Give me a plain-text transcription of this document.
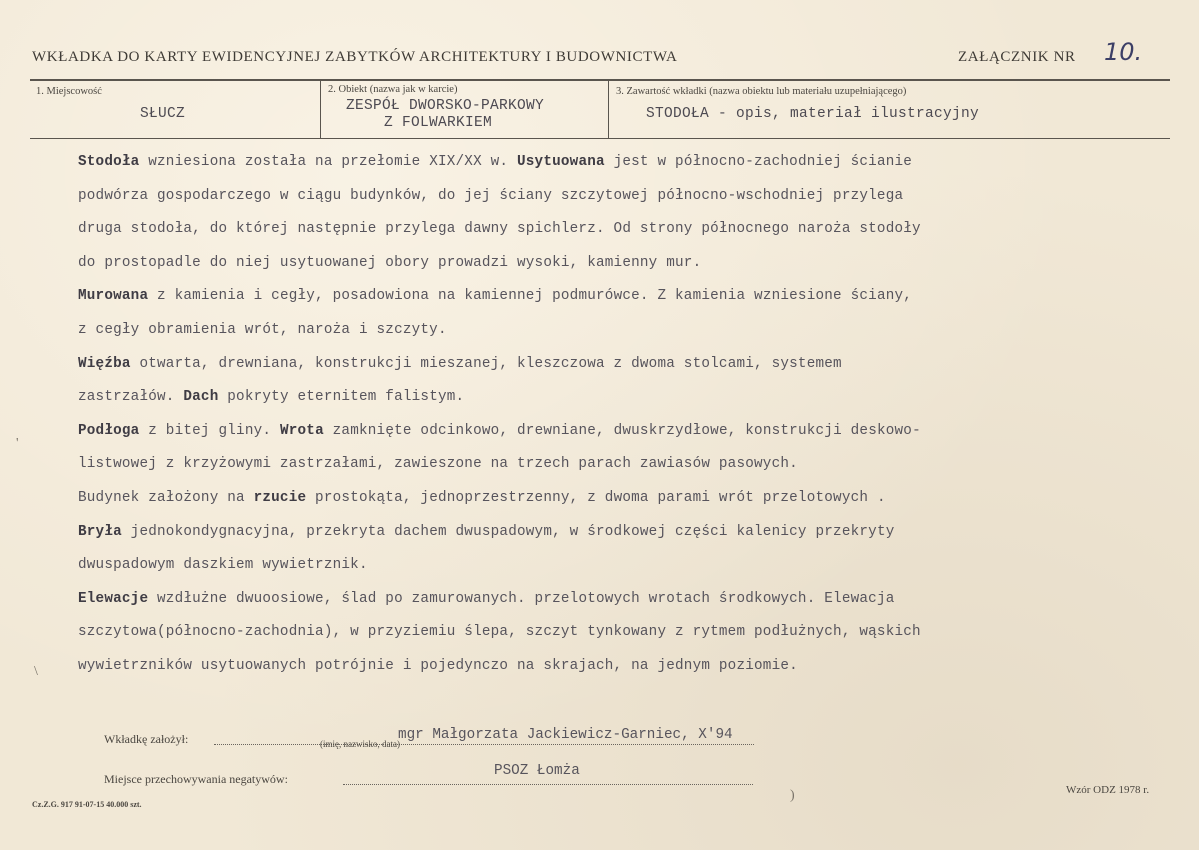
WKŁADKA DO KARTY EWIDENCYJNEJ ZABYTKÓW ARCHITEKTURY I BUDOWNICTWA	ZAŁĄCZNIK NR 10.
1. Miejscowość
SŁUCZ
2. Obiekt (nazwa jak w karcie)
ZESPÓŁ DWORSKO-PARKOWY
Z FOLWARKIEM
3. Zawartość wkładki (nazwa obiektu lub materiału uzupełniającego)
STODOŁA - opis, materiał ilustracyjny
Stodoła wzniesiona została na przełomie XIX/XX w. Usytuowana jest w północno-zachodniej ścianie
podwórza gospodarczego w ciągu budynków, do jej ściany szczytowej północno-wschodniej przylega
druga stodoła, do której następnie przylega dawny spichlerz. Od strony północnego naroża stodoły
do prostopadle do niej usytuowanej obory prowadzi wysoki, kamienny mur.
Murowana z kamienia i cegły, posadowiona na kamiennej podmurówce. Z kamienia wzniesione ściany,
z cegły obramienia wrót, naroża i szczyty.
Więźba otwarta, drewniana, konstrukcji mieszanej, kleszczowa z dwoma stolcami, systemem
zastrzałów. Dach pokryty eternitem falistym.
Podłoga z bitej gliny. Wrota zamknięte odcinkowo, drewniane, dwuskrzydłowe, konstrukcji deskowo-
listwowej z krzyżowymi zastrzałami, zawieszone na trzech parach zawiasów pasowych.
Budynek założony na rzucie prostokąta, jednoprzestrzenny, z dwoma parami wrót przelotowych .
Bryła jednokondygnacyjna, przekryta dachem dwuspadowym, w środkowej części kalenicy przekryty
dwuspadowym daszkiem wywietrznik.
Elewacje wzdłużne dwuoosiowe, ślad po zamurowanych. przelotowych wrotach środkowych. Elewacja
szczytowa(północno-zachodnia), w przyziemiu ślepa, szczyt tynkowany z rytmem podłużnych, wąskich
wywietrzników usytuowanych potrójnie i pojedynczo na skrajach, na jednym poziomie.
Wkładkę założył:	mgr Małgorzata Jackiewicz-Garniec, X'94
(imię, nazwisko, data)
Miejsce przechowywania negatywów:	PSOZ Łomża
Cz.Z.G. 917 91-07-15 40.000 szt.
Wzór ODZ 1978 r.
'
\
)
